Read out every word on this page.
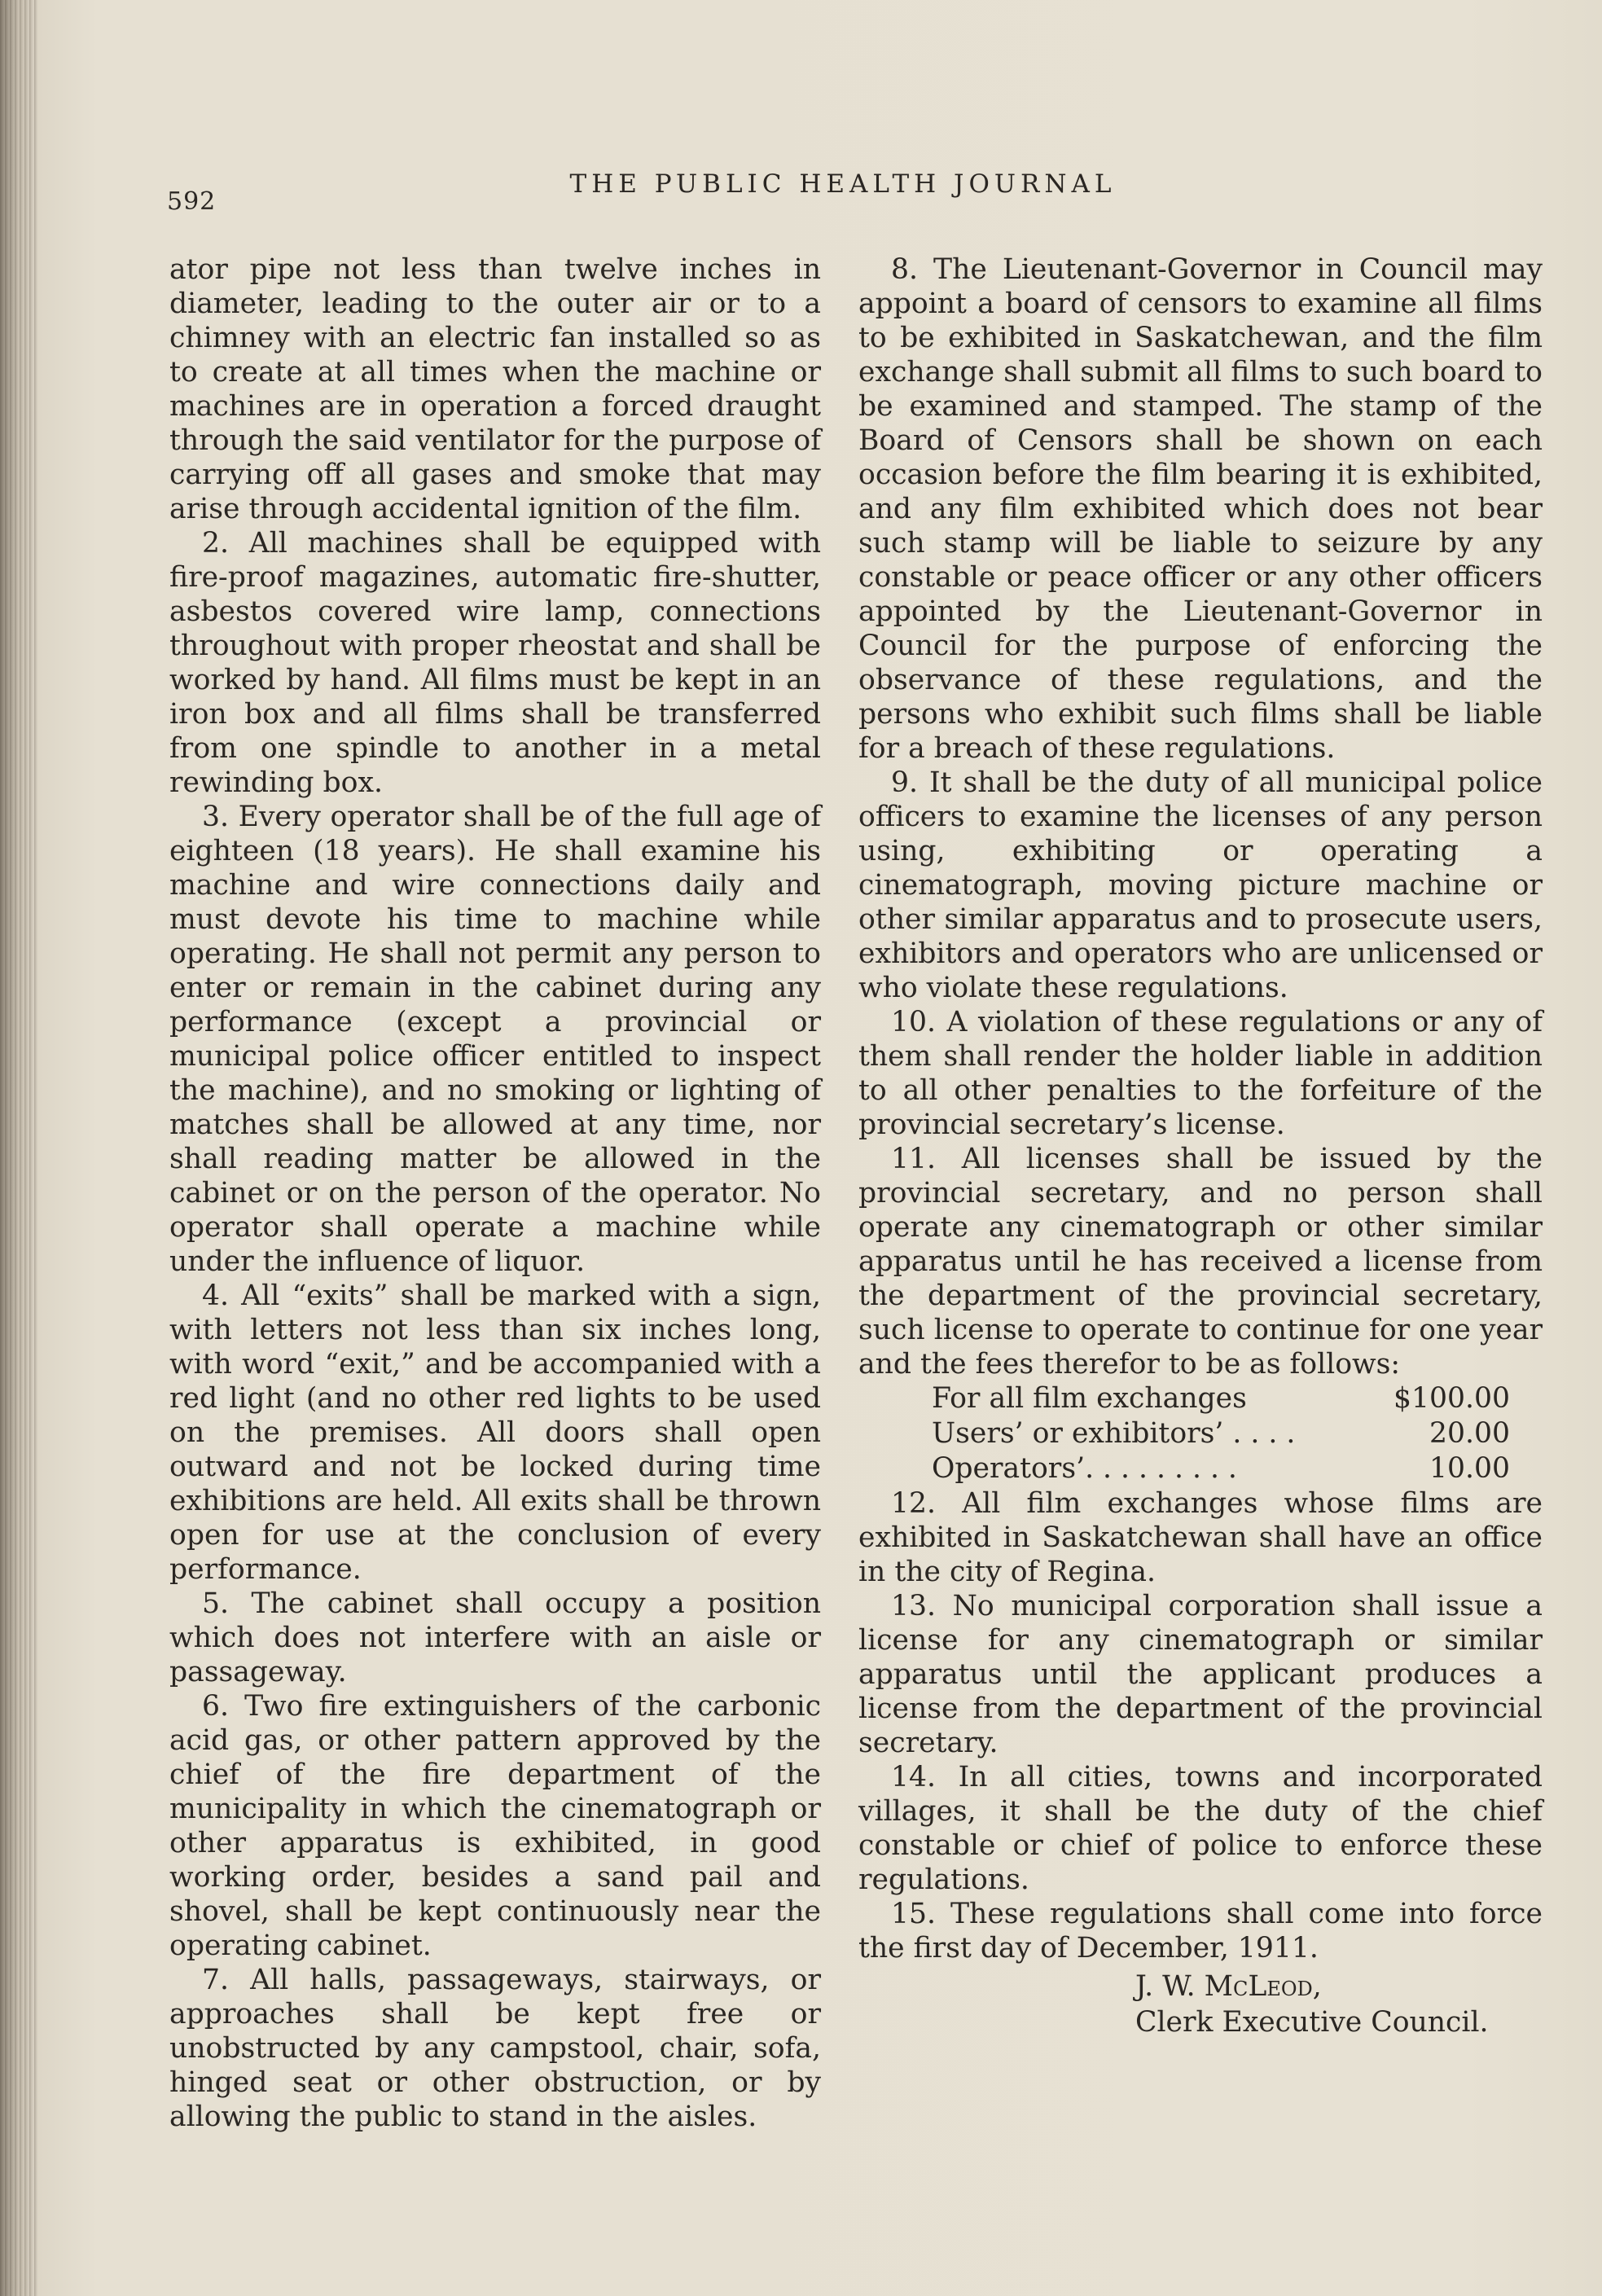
592
THE PUBLIC HEALTH JOURNAL

ator pipe not less than twelve inches in diameter, leading to the outer air or to a chimney with an electric fan installed so as to create at all times when the machine or machines are in operation a forced draught through the said ventilator for the purpose of carrying off all gases and smoke that may arise through accidental ignition of the film.

2. All machines shall be equipped with fire-proof magazines, automatic fire-shutter, asbestos covered wire lamp, connections throughout with proper rheostat and shall be worked by hand. All films must be kept in an iron box and all films shall be transferred from one spindle to another in a metal rewinding box.

3. Every operator shall be of the full age of eighteen (18 years). He shall examine his machine and wire connections daily and must devote his time to machine while operating. He shall not permit any person to enter or remain in the cabinet during any performance (except a provincial or municipal police officer entitled to inspect the machine), and no smoking or lighting of matches shall be allowed at any time, nor shall reading matter be allowed in the cabinet or on the person of the operator. No operator shall operate a machine while under the influence of liquor.

4. All “exits” shall be marked with a sign, with letters not less than six inches long, with word “exit,” and be accompanied with a red light (and no other red lights to be used on the premises. All doors shall open outward and not be locked during time exhibitions are held. All exits shall be thrown open for use at the conclusion of every performance.

5. The cabinet shall occupy a position which does not interfere with an aisle or passageway.

6. Two fire extinguishers of the carbonic acid gas, or other pattern approved by the chief of the fire department of the municipality in which the cinematograph or other apparatus is exhibited, in good working order, besides a sand pail and shovel, shall be kept continuously near the operating cabinet.

7. All halls, passageways, stairways, or approaches shall be kept free or unobstructed by any campstool, chair, sofa, hinged seat or other obstruction, or by allowing the public to stand in the aisles.

8. The Lieutenant-Governor in Council may appoint a board of censors to examine all films to be exhibited in Saskatchewan, and the film exchange shall submit all films to such board to be examined and stamped. The stamp of the Board of Censors shall be shown on each occasion before the film bearing it is exhibited, and any film exhibited which does not bear such stamp will be liable to seizure by any constable or peace officer or any other officers appointed by the Lieutenant-Governor in Council for the purpose of enforcing the observance of these regulations, and the persons who exhibit such films shall be liable for a breach of these regulations.

9. It shall be the duty of all municipal police officers to examine the licenses of any person using, exhibiting or operating a cinematograph, moving picture machine or other similar apparatus and to prosecute users, exhibitors and operators who are unlicensed or who violate these regulations.

10. A violation of these regulations or any of them shall render the holder liable in addition to all other penalties to the forfeiture of the provincial secretary’s license.

11. All licenses shall be issued by the provincial secretary, and no person shall operate any cinematograph or other similar apparatus until he has received a license from the department of the provincial secretary, such license to operate to continue for one year and the fees therefor to be as follows:

For all film exchanges	$100.00
Users’ or exhibitors’ . . . .	20.00
Operators’. . . . . . . . .	10.00

12. All film exchanges whose films are exhibited in Saskatchewan shall have an office in the city of Regina.

13. No municipal corporation shall issue a license for any cinematograph or similar apparatus until the applicant produces a license from the department of the provincial secretary.

14. In all cities, towns and incorporated villages, it shall be the duty of the chief constable or chief of police to enforce these regulations.

15. These regulations shall come into force the first day of December, 1911.

J. W. McLeod,
Clerk Executive Council.
